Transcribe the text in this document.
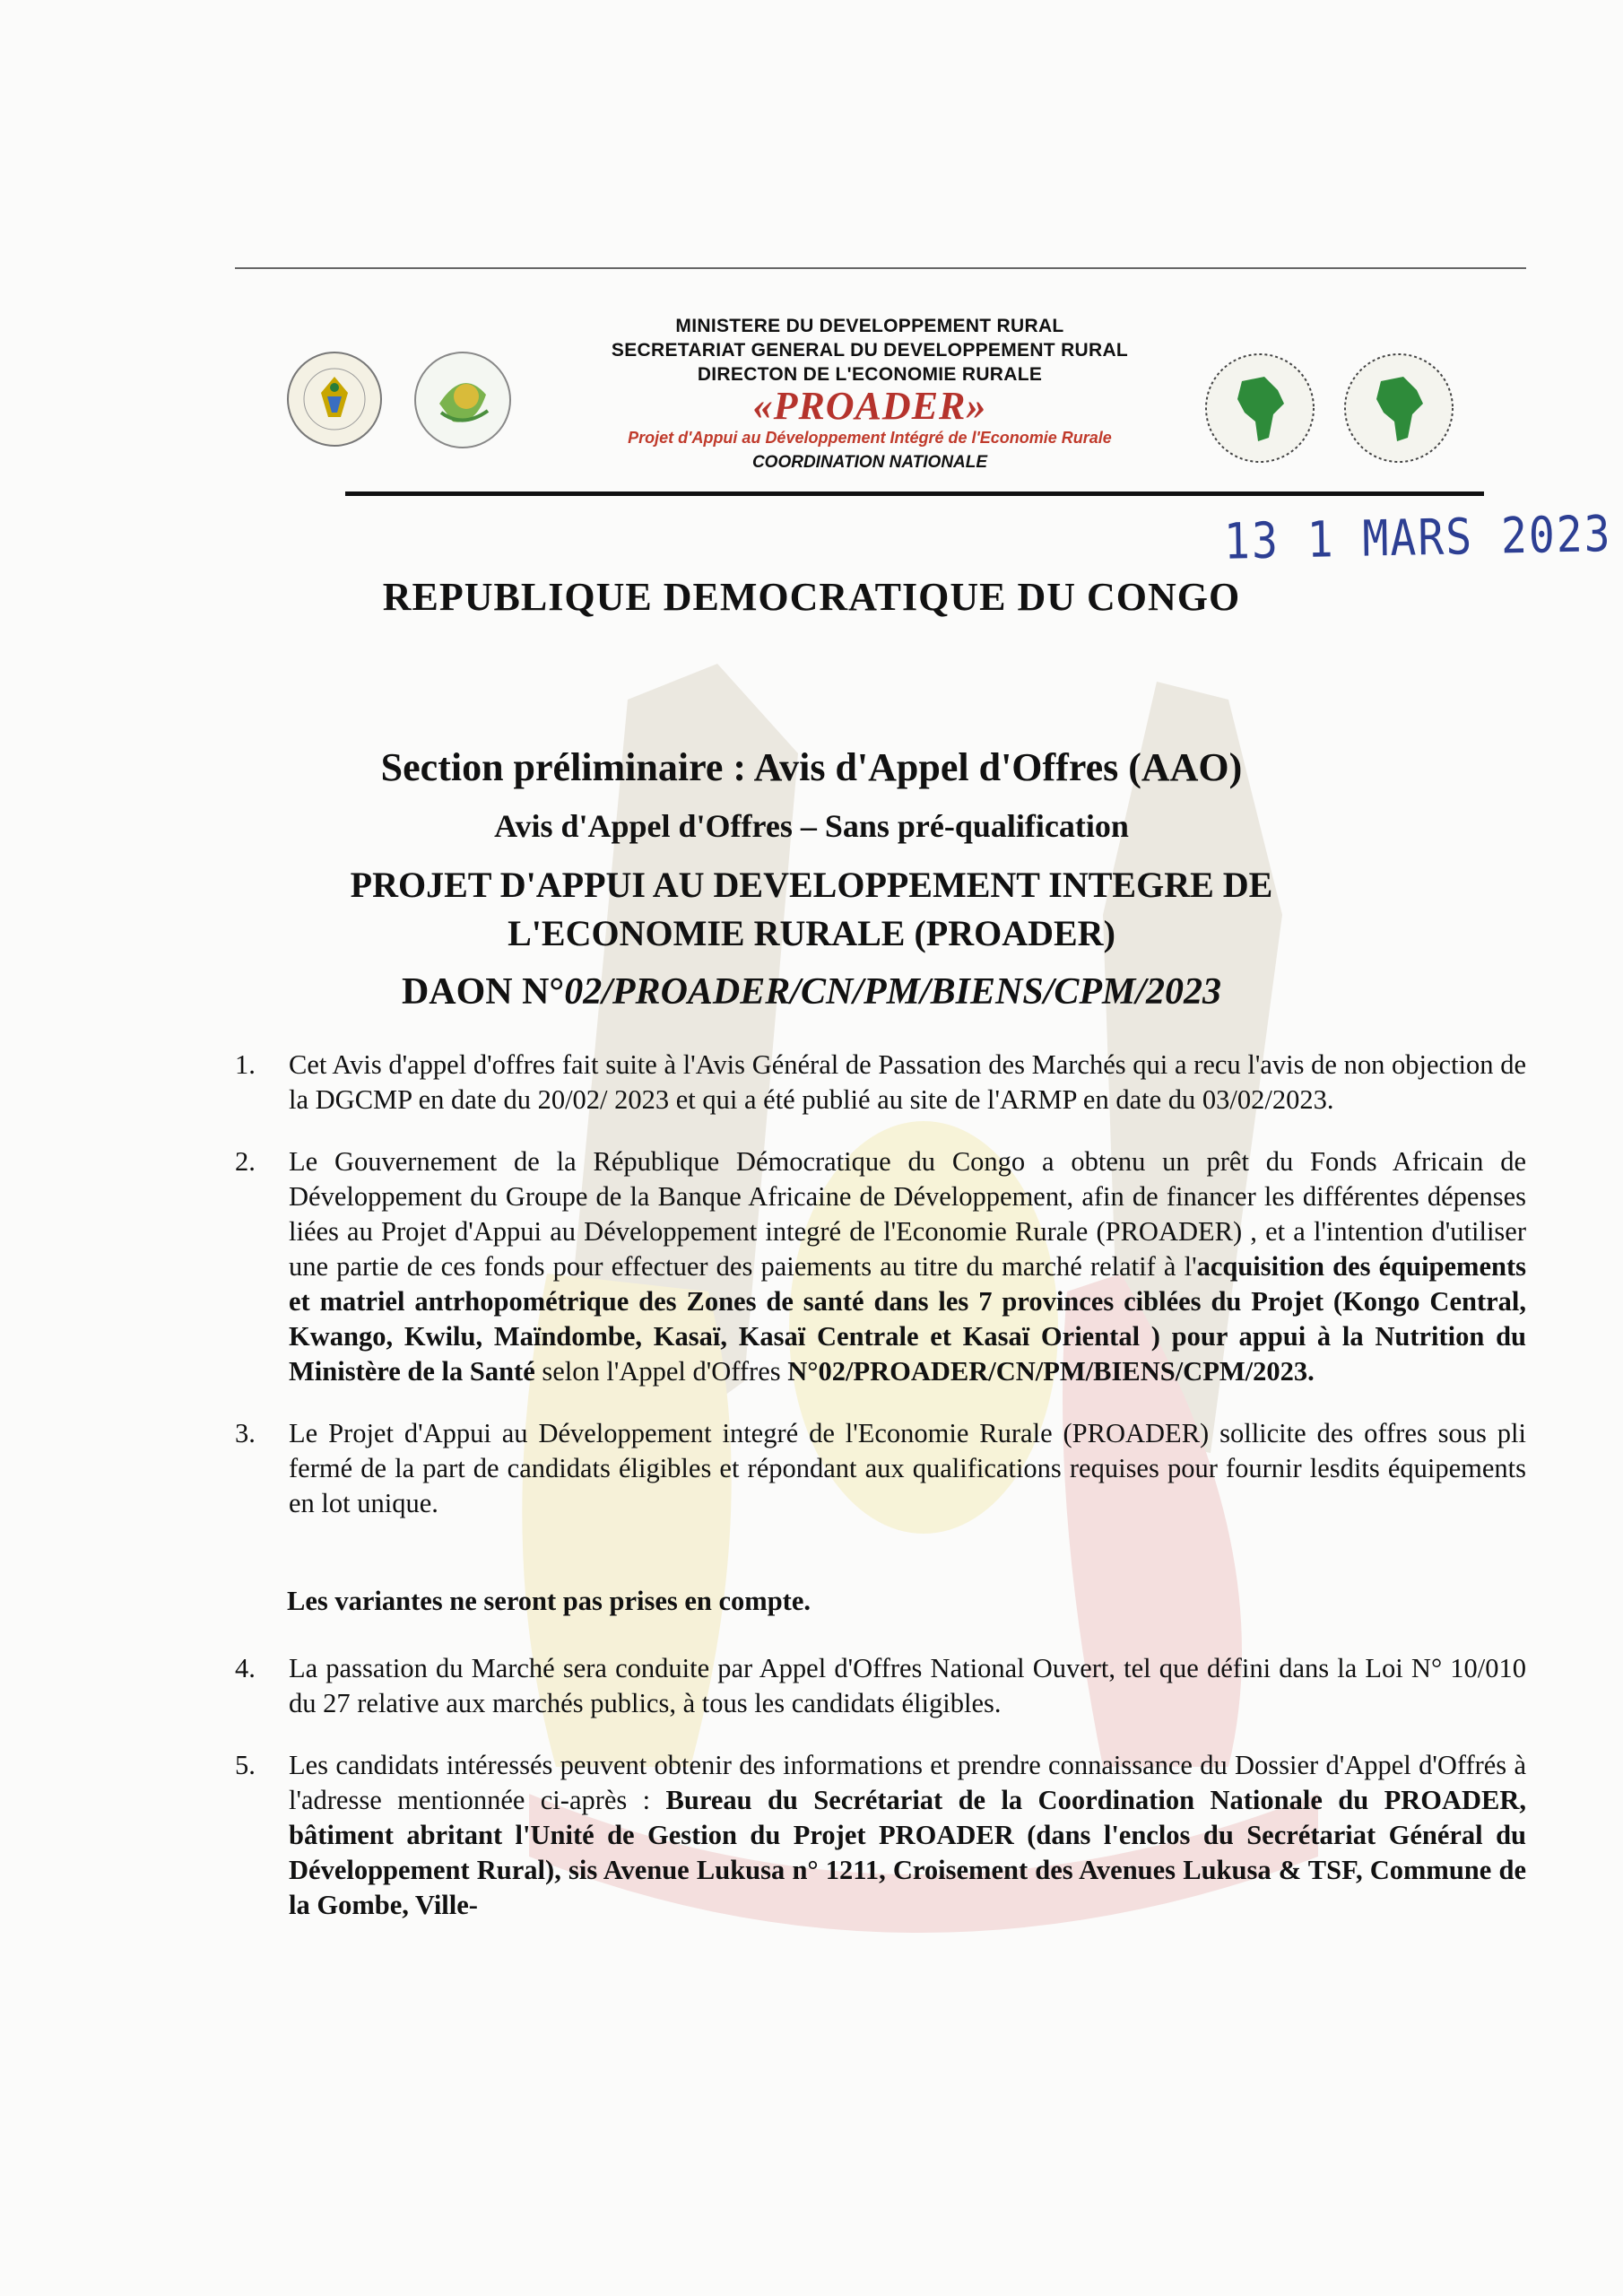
MINISTERE DU DEVELOPPEMENT RURAL
SECRETARIAT GENERAL DU DEVELOPPEMENT RURAL
DIRECTON DE L'ECONOMIE RURALE
«PROADER»
Projet d'Appui au Développement Intégré de l'Economie Rurale
COORDINATION NATIONALE
13 1 MARS 2023
REPUBLIQUE DEMOCRATIQUE DU CONGO
Section préliminaire : Avis d'Appel d'Offres (AAO)
Avis d'Appel d'Offres – Sans pré-qualification
PROJET D'APPUI AU DEVELOPPEMENT INTEGRE DE
L'ECONOMIE RURALE (PROADER)
DAON N°02/PROADER/CN/PM/BIENS/CPM/2023
1. Cet Avis d'appel d'offres fait suite à l'Avis Général de Passation des Marchés qui a recu l'avis de non objection de la DGCMP en date du 20/02/ 2023 et qui a été publié au site de l'ARMP en date du 03/02/2023.
2. Le Gouvernement de la République Démocratique du Congo a obtenu un prêt du Fonds Africain de Développement du Groupe de la Banque Africaine de Développement, afin de financer les différentes dépenses liées au Projet d'Appui au Développement integré de l'Economie Rurale (PROADER) , et a l'intention d'utiliser une partie de ces fonds pour effectuer des paiements au titre du marché relatif à l'acquisition des équipements et matriel antrhopométrique des Zones de santé dans les 7 provinces ciblées du Projet (Kongo Central, Kwango, Kwilu, Maïndombe, Kasaï, Kasaï Centrale et Kasaï Oriental ) pour appui à la Nutrition du Ministère de la Santé selon l'Appel d'Offres N°02/PROADER/CN/PM/BIENS/CPM/2023.
3. Le Projet d'Appui au Développement integré de l'Economie Rurale (PROADER) sollicite des offres sous pli fermé de la part de candidats éligibles et répondant aux qualifications requises pour fournir lesdits équipements en lot unique.
Les variantes ne seront pas prises en compte.
4. La passation du Marché sera conduite par Appel d'Offres National Ouvert, tel que défini dans la Loi N° 10/010 du 27 relative aux marchés publics, à tous les candidats éligibles.
5. Les candidats intéressés peuvent obtenir des informations et prendre connaissance du Dossier d'Appel d'Offrés à l'adresse mentionnée ci-après : Bureau du Secrétariat de la Coordination Nationale du PROADER, bâtiment abritant l'Unité de Gestion du Projet PROADER (dans l'enclos du Secrétariat Général du Développement Rural), sis Avenue Lukusa n° 1211, Croisement des Avenues Lukusa & TSF, Commune de la Gombe, Ville-
